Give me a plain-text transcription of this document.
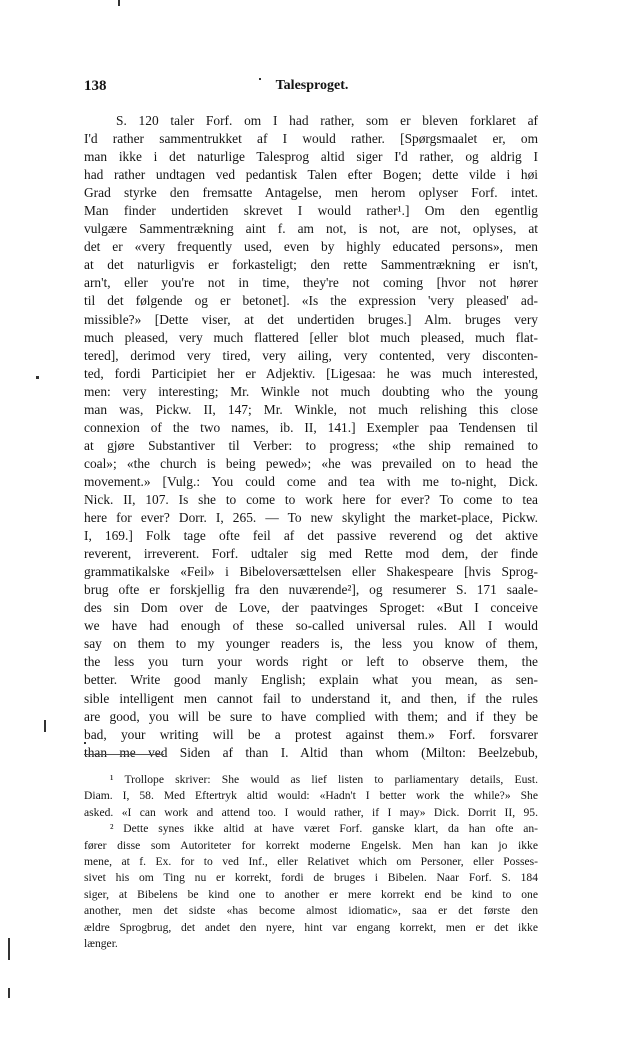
138	Talesproget.
S. 120 taler Forf. om I had rather, som er bleven forklaret af
I'd rather sammentrukket af I would rather. [Spørgsmaalet er, om
man ikke i det naturlige Talesprog altid siger I'd rather, og aldrig I
had rather undtagen ved pedantisk Talen efter Bogen; dette vilde i høi
Grad styrke den fremsatte Antagelse, men herom oplyser Forf. intet.
Man finder undertiden skrevet I would rather¹.] Om den egentlig
vulgære Sammentrækning aint f. am not, is not, are not, oplyses, at
det er «very frequently used, even by highly educated persons», men
at det naturligvis er forkasteligt; den rette Sammentrækning er isn't,
arn't, eller you're not in time, they're not coming [hvor not hører
til det følgende og er betonet]. «Is the expression 'very pleased' ad-
missible?» [Dette viser, at det undertiden bruges.] Alm. bruges very
much pleased, very much flattered [eller blot much pleased, much flat-
tered], derimod very tired, very ailing, very contented, very disconten-
ted, fordi Participiet her er Adjektiv. [Ligesaa: he was much interested,
men: very interesting; Mr. Winkle not much doubting who the young
man was, Pickw. II, 147; Mr. Winkle, not much relishing this close
connexion of the two names, ib. II, 141.] Exempler paa Tendensen til
at gjøre Substantiver til Verber: to progress; «the ship remained to
coal»; «the church is being pewed»; «he was prevailed on to head the
movement.» [Vulg.: You could come and tea with me to-night, Dick.
Nick. II, 107. Is she to come to work here for ever? To come to tea
here for ever? Dorr. I, 265. — To new skylight the market-place, Pickw.
I, 169.] Folk tage ofte feil af det passive reverend og det aktive
reverent, irreverent. Forf. udtaler sig med Rette mod dem, der finde
grammatikalske «Feil» i Bibeloversættelsen eller Shakespeare [hvis Sprog-
brug ofte er forskjellig fra den nuværende²], og resumerer S. 171 saale-
des sin Dom over de Love, der paatvinges Sproget: «But I conceive
we have had enough of these so-called universal rules. All I would
say on them to my younger readers is, the less you know of them,
the less you turn your words right or left to observe them, the
better. Write good manly English; explain what you mean, as sen-
sible intelligent men cannot fail to understand it, and then, if the rules
are good, you will be sure to have complied with them; and if they be
bad, your writing will be a protest against them.» Forf. forsvarer
than me ved Siden af than I. Altid than whom (Milton: Beelzebub,
¹ Trollope skriver: She would as lief listen to parliamentary details, Eust.
Diam. I, 58. Med Eftertryk altid would: «Hadn't I better work the while?» She
asked. «I can work and attend too. I would rather, if I may» Dick. Dorrit II, 95.
² Dette synes ikke altid at have været Forf. ganske klart, da han ofte an-
fører disse som Autoriteter for korrekt moderne Engelsk. Men han kan jo ikke
mene, at f. Ex. for to ved Inf., eller Relativet which om Personer, eller Posses-
sivet his om Ting nu er korrekt, fordi de bruges i Bibelen. Naar Forf. S. 184
siger, at Bibelens be kind one to another er mere korrekt end be kind to one
another, men det sidste «has become almost idiomatic», saa er det første den
ældre Sprogbrug, det andet den nyere, hint var engang korrekt, men er det ikke
længer.
